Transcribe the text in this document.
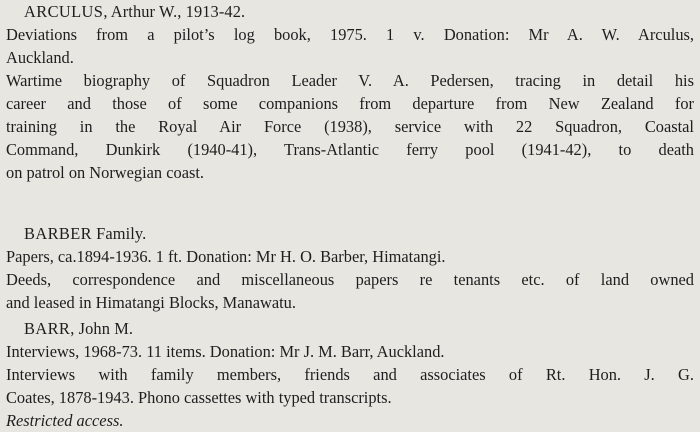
ARCULUS, Arthur W., 1913-42.
Deviations from a pilot’s log book, 1975. 1 v. Donation: Mr A. W. Arculus,
Auckland.
Wartime biography of Squadron Leader V. A. Pedersen, tracing in detail his
career and those of some companions from departure from New Zealand for
training in the Royal Air Force (1938), service with 22 Squadron, Coastal
Command, Dunkirk (1940-41), Trans-Atlantic ferry pool (1941-42), to death
on patrol on Norwegian coast.
BARBER Family.
Papers, ca.1894-1936. 1 ft. Donation: Mr H. O. Barber, Himatangi.
Deeds, correspondence and miscellaneous papers re tenants etc. of land owned
and leased in Himatangi Blocks, Manawatu.
BARR, John M.
Interviews, 1968-73. 11 items. Donation: Mr J. M. Barr, Auckland.
Interviews with family members, friends and associates of Rt. Hon. J. G.
Coates, 1878-1943. Phono cassettes with typed transcripts.
Restricted access.
